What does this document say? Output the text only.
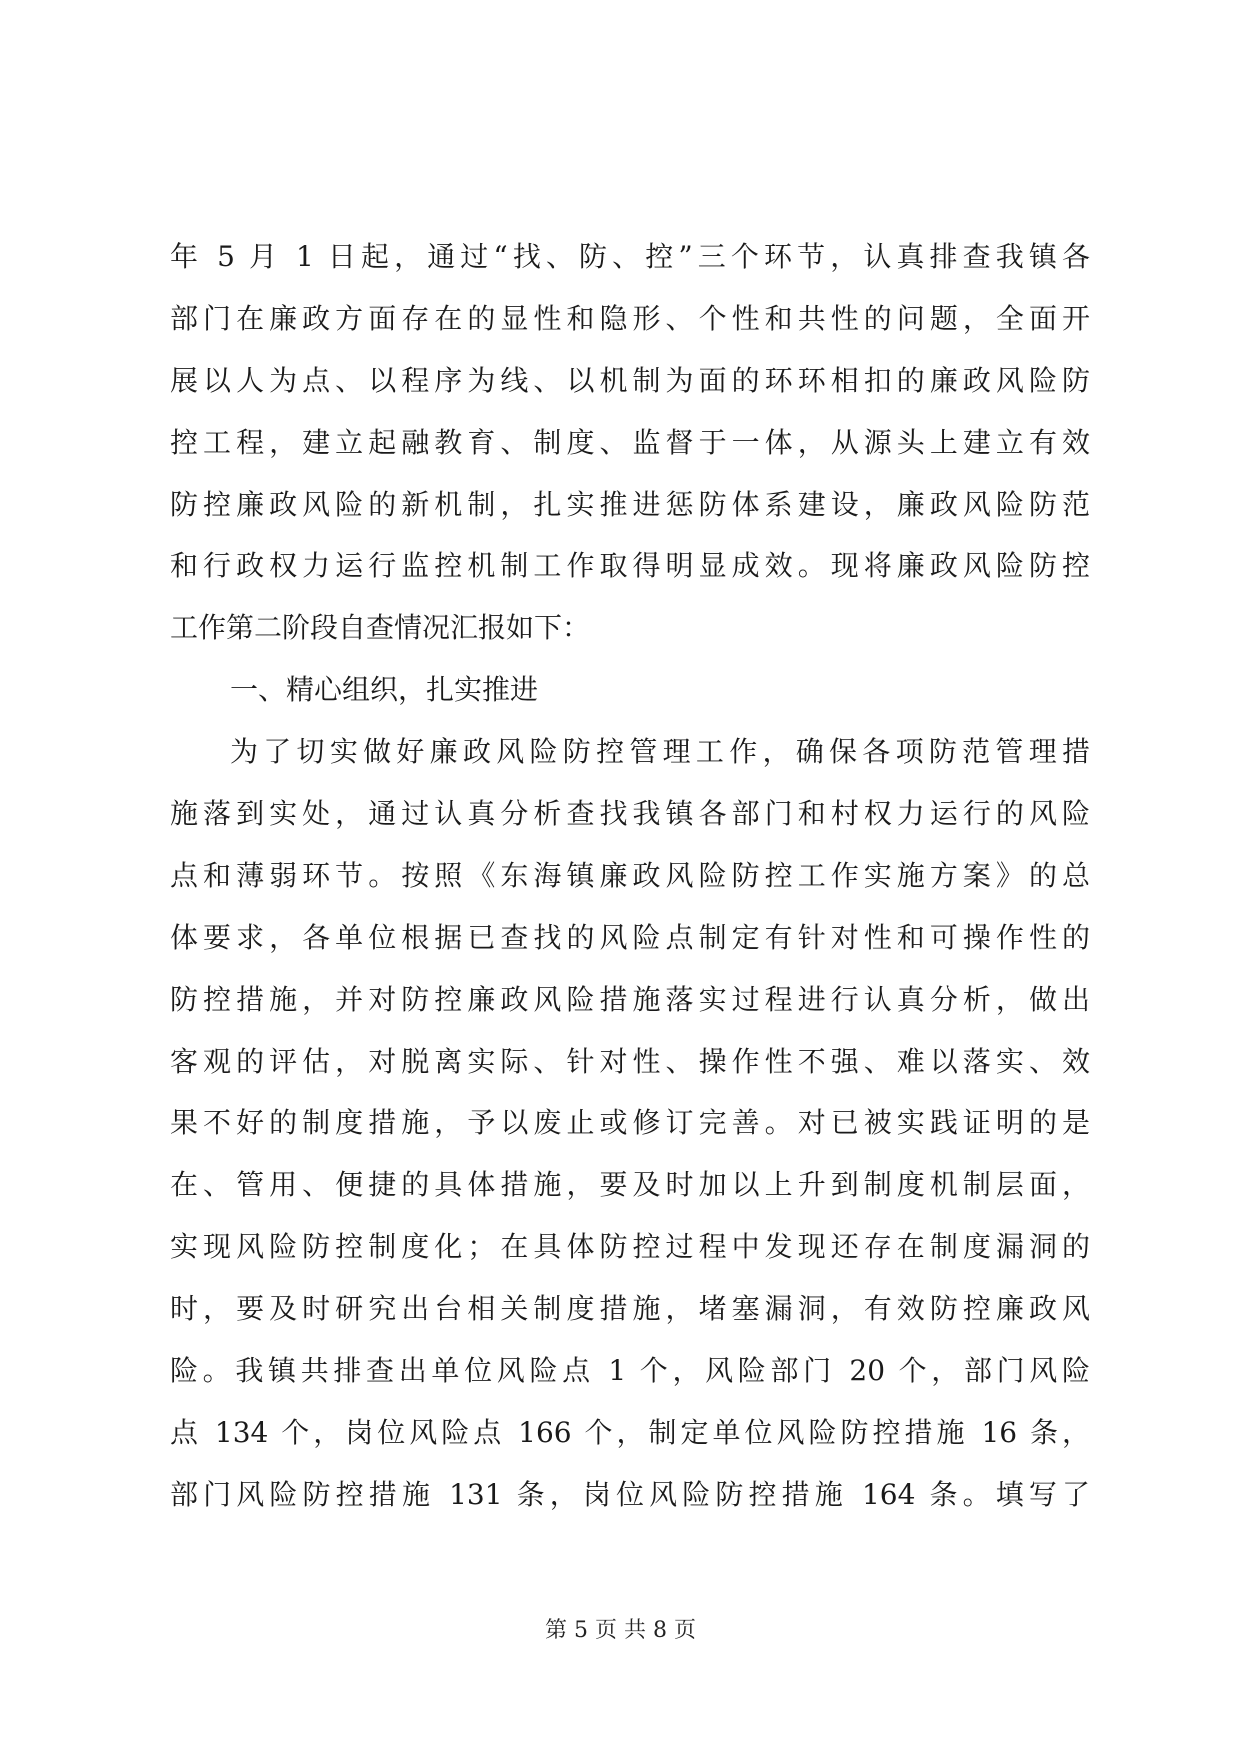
年 5 月 1 日起，通过“找、防、控”三个环节，认真排查我镇各
部门在廉政方面存在的显性和隐形、个性和共性的问题，全面开
展以人为点、以程序为线、以机制为面的环环相扣的廉政风险防
控工程，建立起融教育、制度、监督于一体，从源头上建立有效
防控廉政风险的新机制，扎实推进惩防体系建设，廉政风险防范
和行政权力运行监控机制工作取得明显成效。现将廉政风险防控
工作第二阶段自查情况汇报如下：
一、精心组织，扎实推进
为了切实做好廉政风险防控管理工作，确保各项防范管理措
施落到实处，通过认真分析查找我镇各部门和村权力运行的风险
点和薄弱环节。按照《东海镇廉政风险防控工作实施方案》的总
体要求，各单位根据已查找的风险点制定有针对性和可操作性的
防控措施，并对防控廉政风险措施落实过程进行认真分析，做出
客观的评估，对脱离实际、针对性、操作性不强、难以落实、效
果不好的制度措施，予以废止或修订完善。对已被实践证明的是
在、管用、便捷的具体措施，要及时加以上升到制度机制层面，
实现风险防控制度化；在具体防控过程中发现还存在制度漏洞的
时，要及时研究出台相关制度措施，堵塞漏洞，有效防控廉政风
险。我镇共排查出单位风险点 1 个，风险部门 20 个，部门风险
点 134 个，岗位风险点 166 个，制定单位风险防控措施 16 条，
部门风险防控措施 131 条，岗位风险防控措施 164 条。填写了
第 5 页 共 8 页
